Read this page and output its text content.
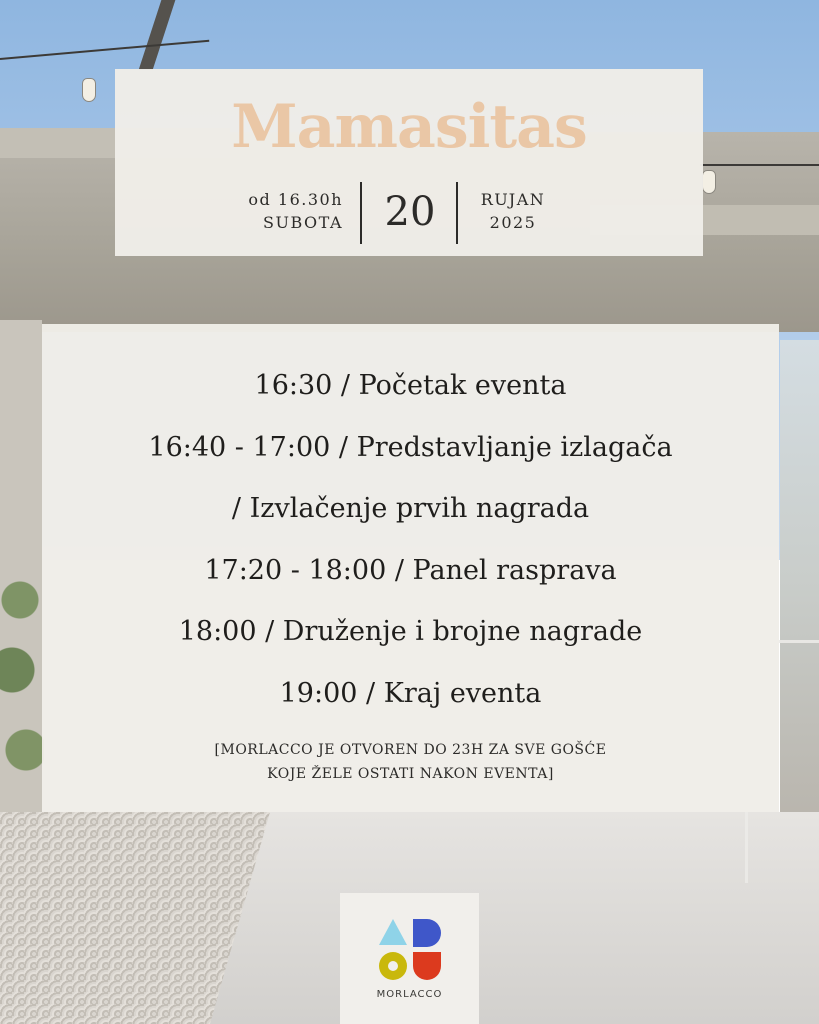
Mamasitas
od 16.30h
SUBOTA	20	RUJAN
2025
16:30 / Početak eventa
16:40 - 17:00 / Predstavljanje izlagača
/ Izvlačenje prvih nagrada
17:20 - 18:00 / Panel rasprava
18:00 / Druženje i brojne nagrade
19:00 / Kraj eventa
[MORLACCO JE OTVOREN DO 23H ZA SVE GOŠĆE
KOJE ŽELE OSTATI NAKON EVENTA]
MORLACCO
